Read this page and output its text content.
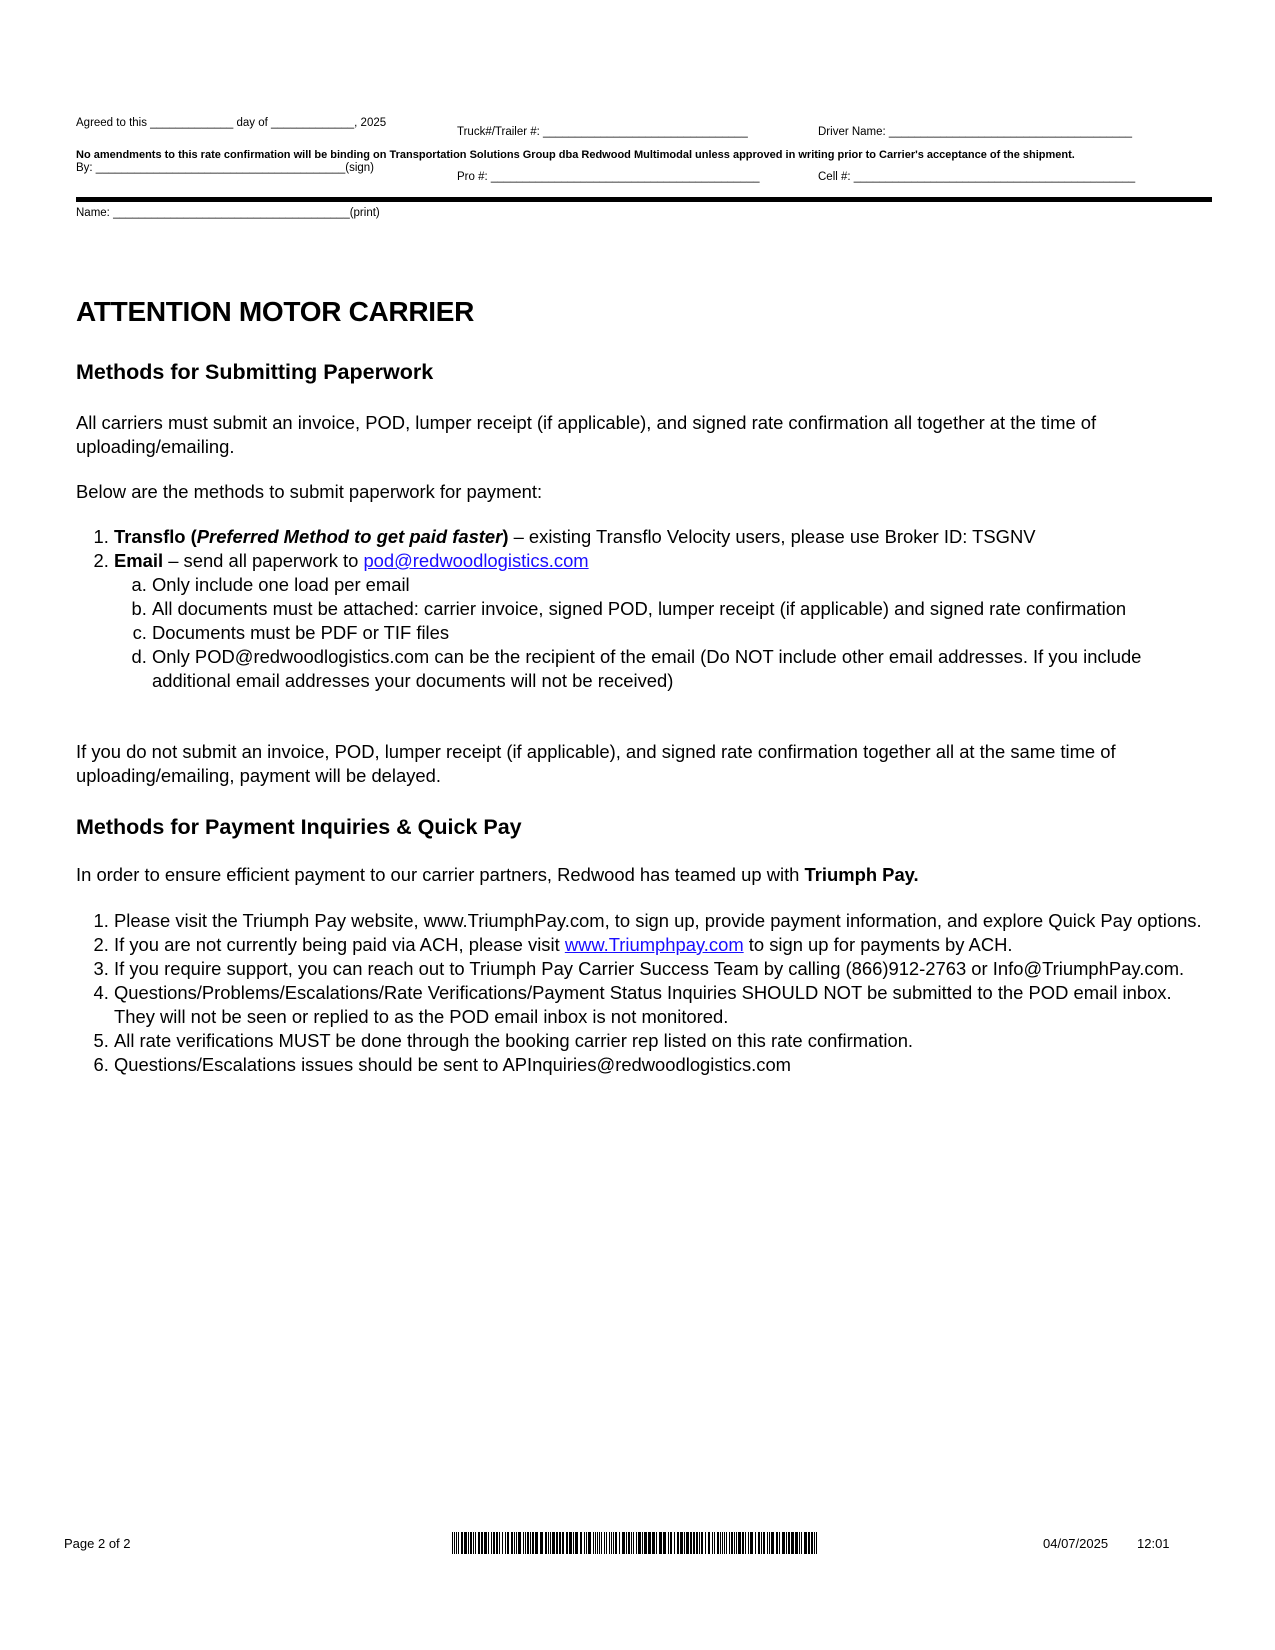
Agreed to this _____________ day of _____________, 2025

By: _______________________________________(sign)

Name: _____________________________________(print)

Truck#/Trailer #: ________________________________

Pro #: __________________________________________

Driver Name: ______________________________________

Cell #: ____________________________________________

No amendments to this rate confirmation will be binding on Transportation Solutions Group dba Redwood Multimodal unless approved in writing prior to Carrier's acceptance of the shipment.
ATTENTION MOTOR CARRIER
Methods for Submitting Paperwork
All carriers must submit an invoice, POD, lumper receipt (if applicable), and signed rate confirmation all together at the time of uploading/emailing.
Below are the methods to submit paperwork for payment:
1. Transflo (Preferred Method to get paid faster) – existing Transflo Velocity users, please use Broker ID: TSGNV
2. Email – send all paperwork to pod@redwoodlogistics.com
a. Only include one load per email
b. All documents must be attached: carrier invoice, signed POD, lumper receipt (if applicable) and signed rate confirmation
c. Documents must be PDF or TIF files
d. Only POD@redwoodlogistics.com can be the recipient of the email (Do NOT include other email addresses. If you include additional email addresses your documents will not be received)
If you do not submit an invoice, POD, lumper receipt (if applicable), and signed rate confirmation together all at the same time of uploading/emailing, payment will be delayed.
Methods for Payment Inquiries & Quick Pay
In order to ensure efficient payment to our carrier partners, Redwood has teamed up with Triumph Pay.
1. Please visit the Triumph Pay website, www.TriumphPay.com, to sign up, provide payment information, and explore Quick Pay options.
2. If you are not currently being paid via ACH, please visit www.Triumphpay.com to sign up for payments by ACH.
3. If you require support, you can reach out to Triumph Pay Carrier Success Team by calling (866)912-2763 or Info@TriumphPay.com.
4. Questions/Problems/Escalations/Rate Verifications/Payment Status Inquiries SHOULD NOT be submitted to the POD email inbox. They will not be seen or replied to as the POD email inbox is not monitored.
5. All rate verifications MUST be done through the booking carrier rep listed on this rate confirmation.
6. Questions/Escalations issues should be sent to APInquiries@redwoodlogistics.com
Page 2 of 2	04/07/2025 12:01
